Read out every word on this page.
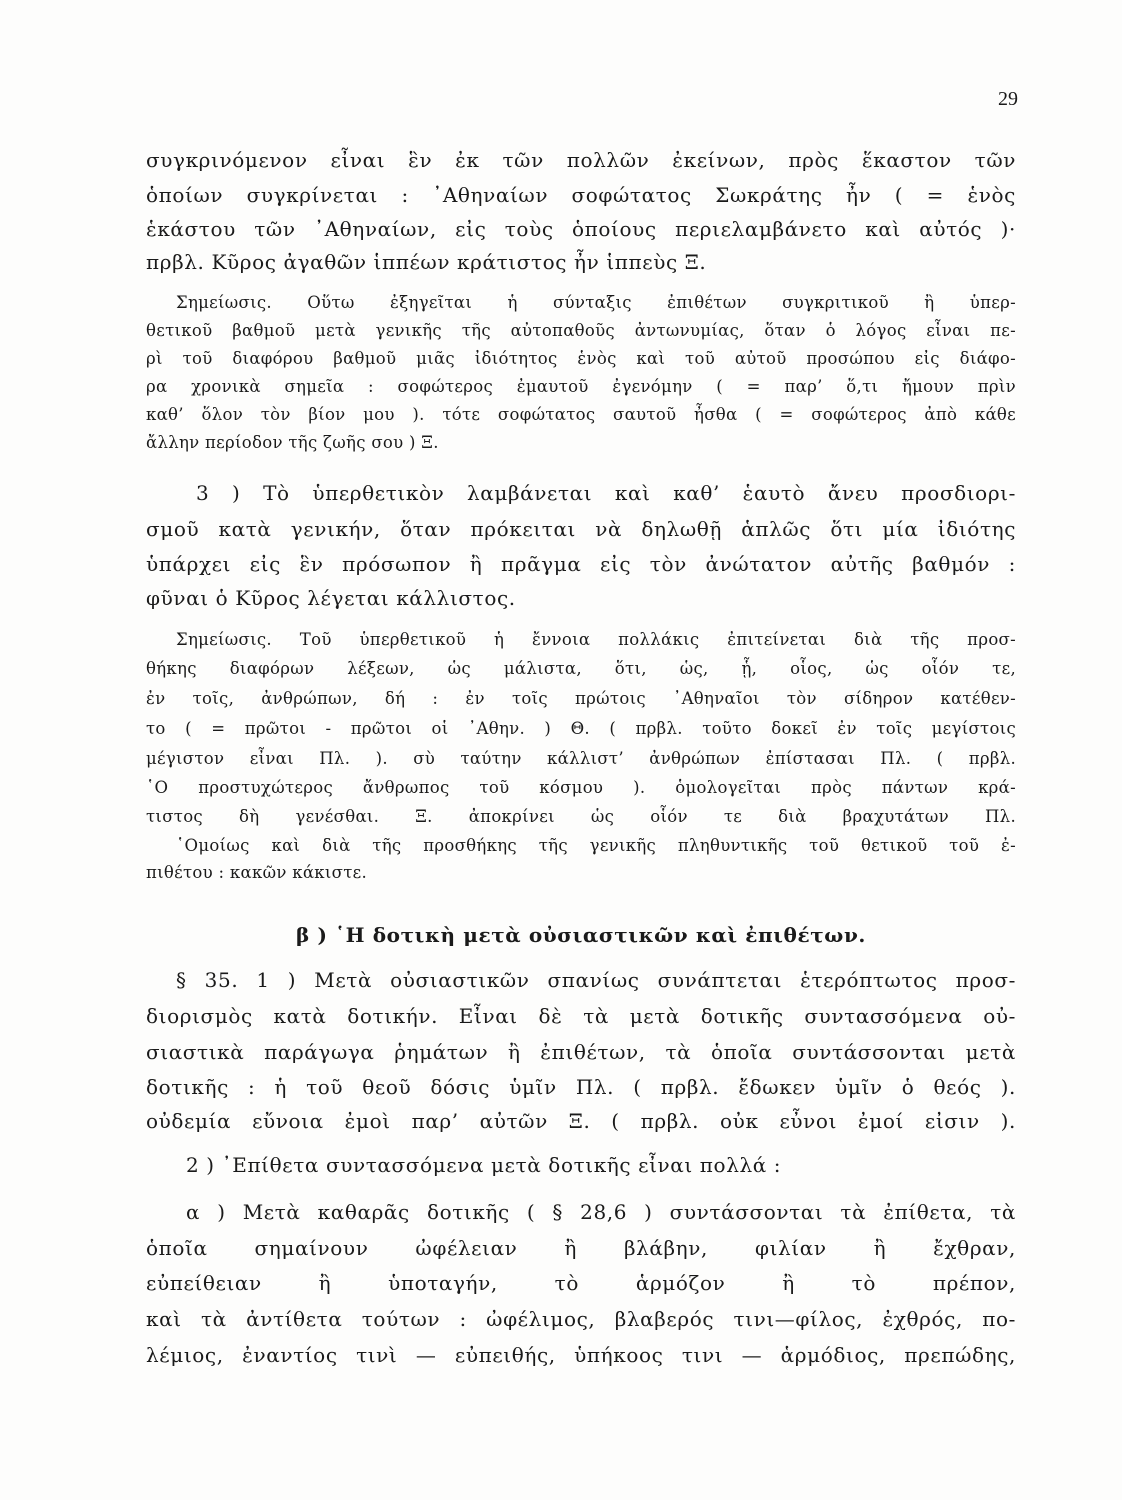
29
συγκρινόμενον εἶναι ἓν ἐκ τῶν πολλῶν ἐκείνων, πρὸς ἕκαστον τῶν
ὁποίων συγκρίνεται : ᾿Αθηναίων σοφώτατος Σωκράτης ἦν ( = ἑνὸς
ἑκάστου τῶν ᾿Αθηναίων, εἰς τοὺς ὁποίους περιελαμβάνετο καὶ αὐτός )·
πρβλ. Κῦρος ἀγαθῶν ἱππέων κράτιστος ἦν ἱππεὺς Ξ.
Σημείωσις. Οὕτω ἐξηγεῖται ἡ σύνταξις ἐπιθέτων συγκριτικοῦ ἢ ὑπερ-
θετικοῦ βαθμοῦ μετὰ γενικῆς τῆς αὐτοπαθοῦς ἀντωνυμίας, ὅταν ὁ λόγος εἶναι πε-
ρὶ τοῦ διαφόρου βαθμοῦ μιᾶς ἰδιότητος ἑνὸς καὶ τοῦ αὐτοῦ προσώπου εἰς διάφο-
ρα χρονικὰ σημεῖα : σοφώτερος ἐμαυτοῦ ἐγενόμην ( = παρ’ ὅ,τι ἤμουν πρὶν
καθ’ ὅλον τὸν βίον μου ). τότε σοφώτατος σαυτοῦ ἦσθα ( = σοφώτερος ἀπὸ κάθε
ἄλλην περίοδον τῆς ζωῆς σου ) Ξ.
3 ) Τὸ ὑπερθετικὸν λαμβάνεται καὶ καθ’ ἑαυτὸ ἄνευ προσδιορι-
σμοῦ κατὰ γενικήν, ὅταν πρόκειται νὰ δηλωθῇ ἁπλῶς ὅτι μία ἰδιότης
ὑπάρχει εἰς ἓν πρόσωπον ἢ πρᾶγμα εἰς τὸν ἀνώτατον αὐτῆς βαθμόν :
φῦναι ὁ Κῦρος λέγεται κάλλιστος.
Σημείωσις. Τοῦ ὑπερθετικοῦ ἡ ἔννοια πολλάκις ἐπιτείνεται διὰ τῆς προσ-
θήκης διαφόρων λέξεων, ὡς μάλιστα, ὅτι, ὡς, ᾗ, οἷος, ὡς οἷόν τε,
ἐν τοῖς, ἀνθρώπων, δή : ἐν τοῖς πρώτοις ᾿Αθηναῖοι τὸν σίδηρον κατέθεν-
το ( = πρῶτοι - πρῶτοι οἱ ᾿Αθην. ) Θ. ( πρβλ. τοῦτο δοκεῖ ἐν τοῖς μεγίστοις
μέγιστον εἶναι Πλ. ). σὺ ταύτην κάλλιστ’ ἀνθρώπων ἐπίστασαι Πλ. ( πρβλ.
῾Ο προστυχώτερος ἄνθρωπος τοῦ κόσμου ). ὁμολογεῖται πρὸς πάντων κρά-
τιστος δὴ γενέσθαι. Ξ. ἀποκρίνει ὡς οἷόν τε διὰ βραχυτάτων Πλ.
῾Ομοίως καὶ διὰ τῆς προσθήκης τῆς γενικῆς πληθυντικῆς τοῦ θετικοῦ τοῦ ἐ-
πιθέτου : κακῶν κάκιστε.
β ) ῾Η δοτικὴ μετὰ οὐσιαστικῶν καὶ ἐπιθέτων.
§ 35. 1 ) Μετὰ οὐσιαστικῶν σπανίως συνάπτεται ἑτερόπτωτος προσ-
διορισμὸς κατὰ δοτικήν. Εἶναι δὲ τὰ μετὰ δοτικῆς συντασσόμενα οὐ-
σιαστικὰ παράγωγα ῥημάτων ἢ ἐπιθέτων, τὰ ὁποῖα συντάσσονται μετὰ
δοτικῆς : ἡ τοῦ θεοῦ δόσις ὑμῖν Πλ. ( πρβλ. ἔδωκεν ὑμῖν ὁ θεός ).
οὐδεμία εὔνοια ἐμοὶ παρ’ αὐτῶν Ξ. ( πρβλ. οὐκ εὖνοι ἐμοί εἰσιν ).
2 ) ᾿Επίθετα συντασσόμενα μετὰ δοτικῆς εἶναι πολλά :
α ) Μετὰ καθαρᾶς δοτικῆς ( § 28,6 ) συντάσσονται τὰ ἐπίθετα, τὰ
ὁποῖα σημαίνουν ὠφέλειαν ἢ βλάβην, φιλίαν ἢ ἔχθραν,
εὐπείθειαν ἢ ὑποταγήν, τὸ ἁρμόζον ἢ τὸ πρέπον,
καὶ τὰ ἀντίθετα τούτων : ὠφέλιμος, βλαβερός τινι—φίλος, ἐχθρός, πο-
λέμιος, ἐναντίος τινὶ — εὐπειθής, ὑπήκοος τινι — ἁρμόδιος, πρεπώδης,
